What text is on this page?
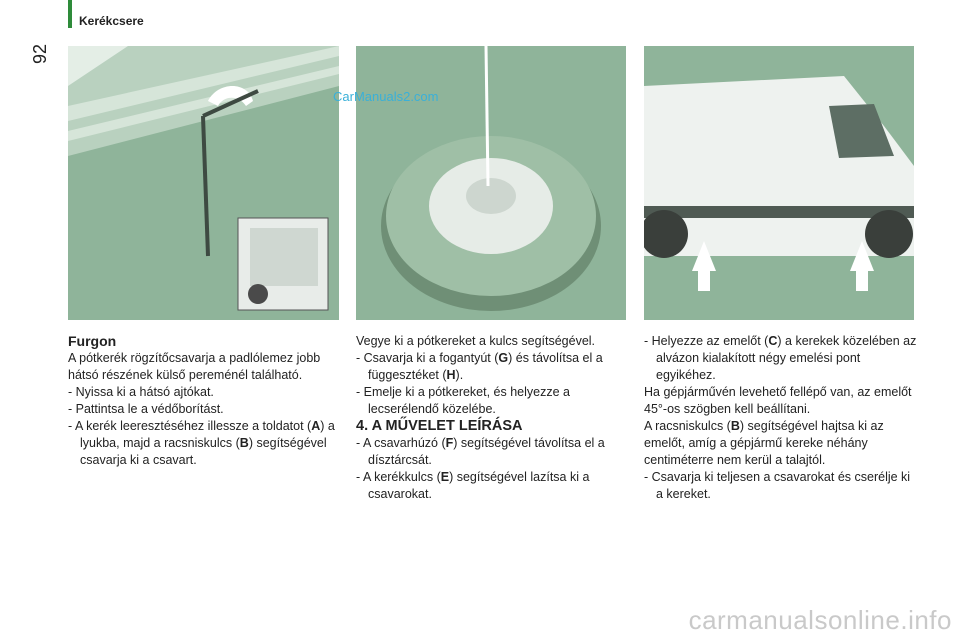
92
Kerékcsere
CarManuals2.com

Furgon

A pótkerék rögzítőcsavarja a padlólemez jobb hátsó részének külső pereménél található.

- Nyissa ki a hátsó ajtókat.

- Pattintsa le a védőborítást.

- A kerék leeresztéséhez illessze a toldatot (A) a lyukba, majd a racsniskulcs (B) segítségével csavarja ki a csavart.

Vegye ki a pótkereket a kulcs segítségével.

- Csavarja ki a fogantyút (G) és távolítsa el a függesztéket (H).

- Emelje ki a pótkereket, és helyezze a lecserélendő közelébe.

4. A MŰVELET LEÍRÁSA

- A csavarhúzó (F) segítségével távolítsa el a dísztárcsát.

- A kerékkulcs (E) segítségével lazítsa ki a csavarokat.

- Helyezze az emelőt (C) a kerekek közelében az alvázon kialakított négy emelési pont egyikéhez.

Ha gépjárművén levehető fellépő van, az emelőt 45°-os szögben kell beállítani.

A racsniskulcs (B) segítségével hajtsa ki az emelőt, amíg a gépjármű kereke néhány centiméterre nem kerül a talajtól.

- Csavarja ki teljesen a csavarokat és cserélje ki a kereket.

carmanualsonline.info
